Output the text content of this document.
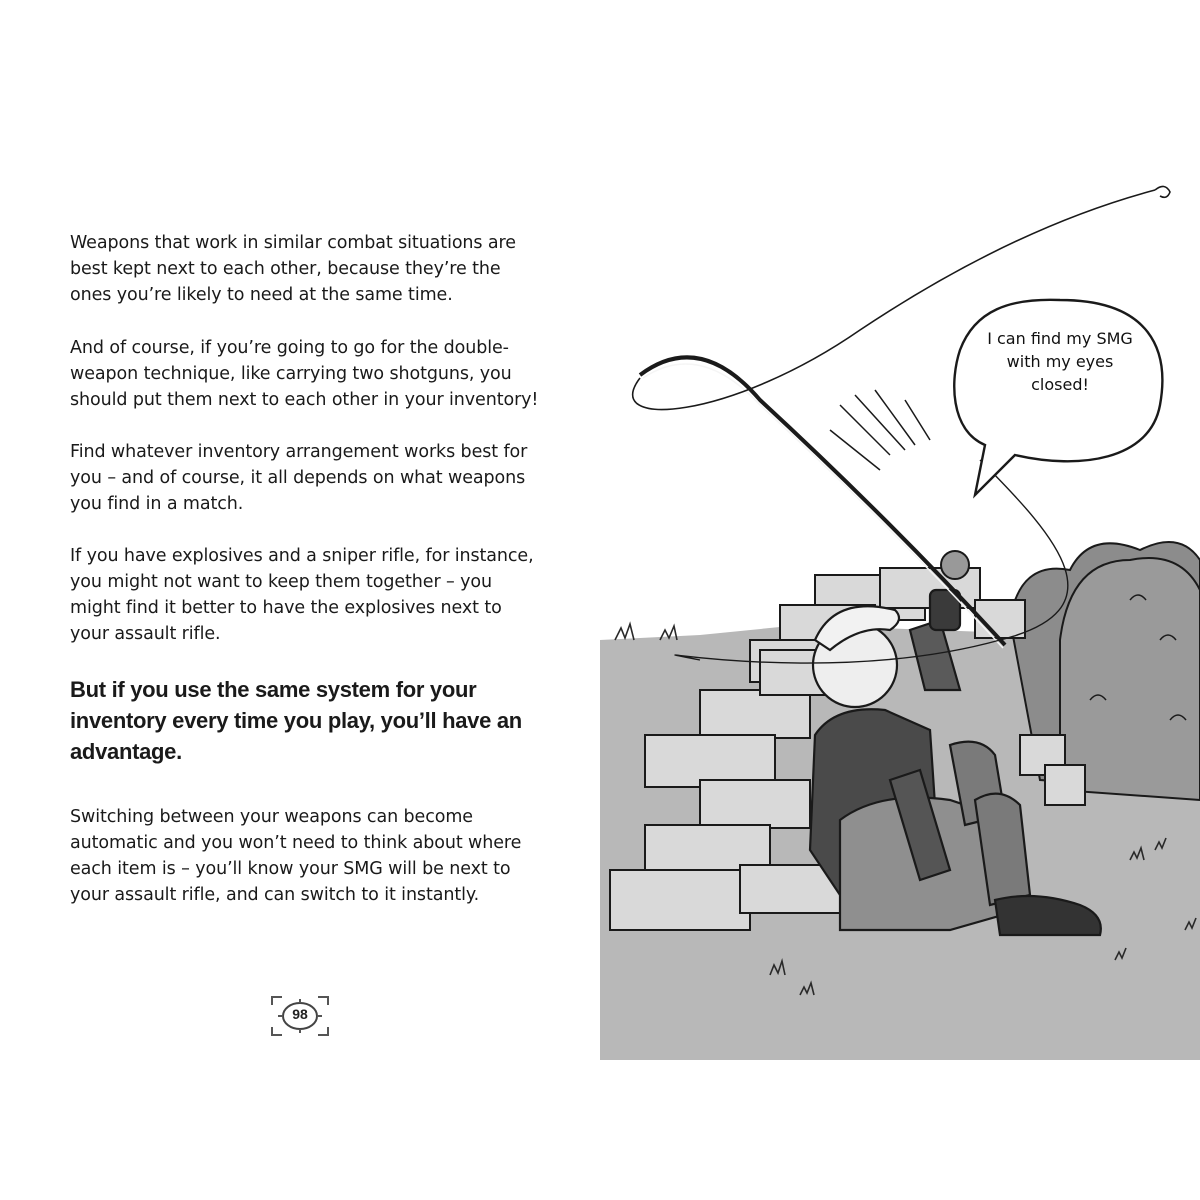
Weapons that work in similar combat situations are best kept next to each other, because they’re the ones you’re likely to need at the same time.

And of course, if you’re going to go for the double-weapon technique, like carrying two shotguns, you should put them next to each other in your inventory!

Find whatever inventory arrangement works best for you – and of course, it all depends on what weapons you find in a match.

If you have explosives and a sniper rifle, for instance, you might not want to keep them together – you might find it better to have the explosives next to your assault rifle.

But if you use the same system for your inventory every time you play, you’ll have an advantage.

Switching between your weapons can become automatic and you won’t need to think about where each item is – you’ll know your SMG will be next to your assault rifle, and can switch to it instantly.

98
I can find my SMG with my eyes closed!
